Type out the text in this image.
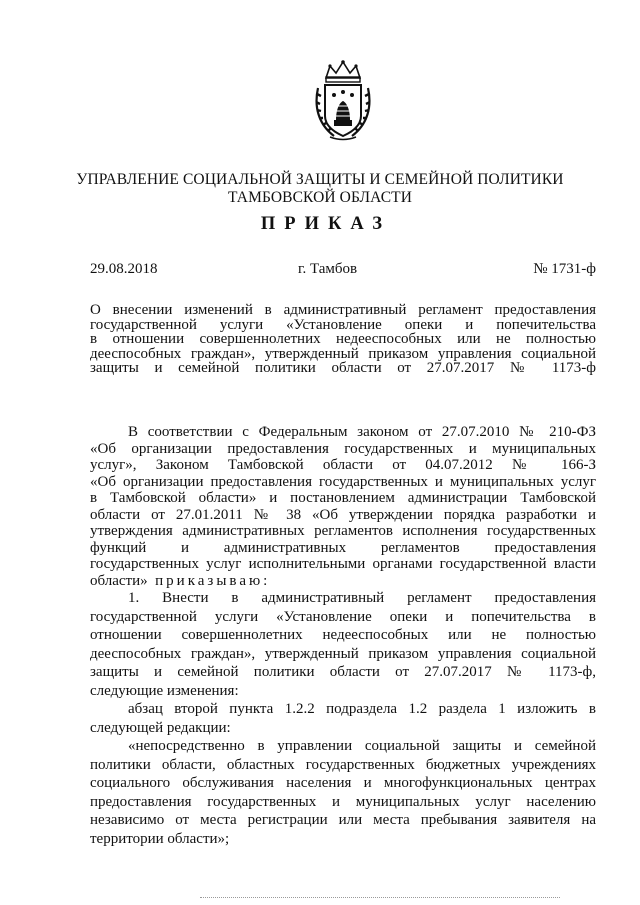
УПРАВЛЕНИЕ СОЦИАЛЬНОЙ ЗАЩИТЫ И СЕМЕЙНОЙ ПОЛИТИКИ
ТАМБОВСКОЙ ОБЛАСТИ
ПРИКАЗ
29.08.2018	г. Тамбов	№ 1731-ф
О внесении изменений в административный регламент предоставления
государственной услуги «Установление опеки и попечительства
в отношении совершеннолетних недееспособных или не полностью
дееспособных граждан», утвержденный приказом управления социальной
защиты и семейной политики области от 27.07.2017 № 1173-ф
В соответствии с Федеральным законом от 27.07.2010 № 210-ФЗ
«Об организации предоставления государственных и муниципальных
услуг», Законом Тамбовской области от 04.07.2012 № 166-З
«Об организации предоставления государственных и муниципальных услуг
в Тамбовской области» и постановлением администрации Тамбовской
области от 27.01.2011 № 38 «Об утверждении порядка разработки и
утверждения административных регламентов исполнения государственных
функций и административных регламентов предоставления
государственных услуг исполнительными органами государственной власти
области» приказываю:
1. Внести в административный регламент предоставления
государственной услуги «Установление опеки и попечительства в
отношении совершеннолетних недееспособных или не полностью
дееспособных граждан», утвержденный приказом управления социальной
защиты и семейной политики области от 27.07.2017 № 1173-ф,
следующие изменения:
абзац второй пункта 1.2.2 подраздела 1.2 раздела 1 изложить в
следующей редакции:
«непосредственно в управлении социальной защиты и семейной
политики области, областных государственных бюджетных учреждениях
социального обслуживания населения и многофункциональных центрах
предоставления государственных и муниципальных услуг населению
независимо от места регистрации или места пребывания заявителя на
территории области»;
